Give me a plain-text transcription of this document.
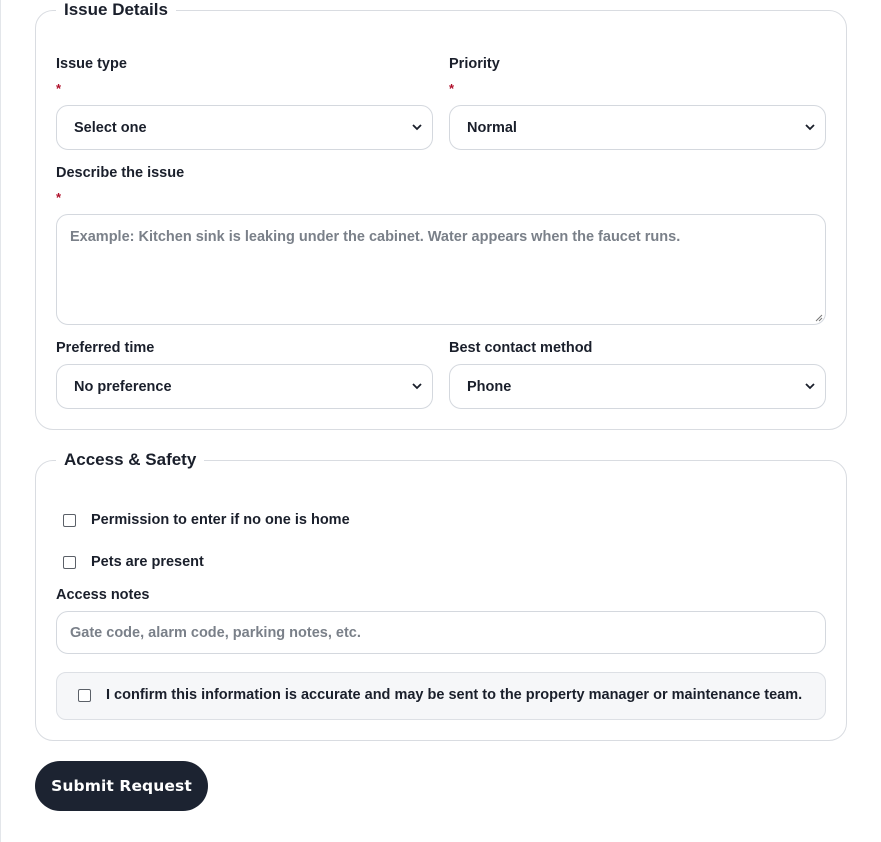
Issue Details
Issue type
*
Select one
Priority
*
Normal
Describe the issue
*
Example: Kitchen sink is leaking under the cabinet. Water appears when the faucet runs.
Preferred time
No preference
Best contact method
Phone
Access & Safety
Permission to enter if no one is home
Pets are present
Access notes
Gate code, alarm code, parking notes, etc.
I confirm this information is accurate and may be sent to the property manager or maintenance team.
Submit Request
